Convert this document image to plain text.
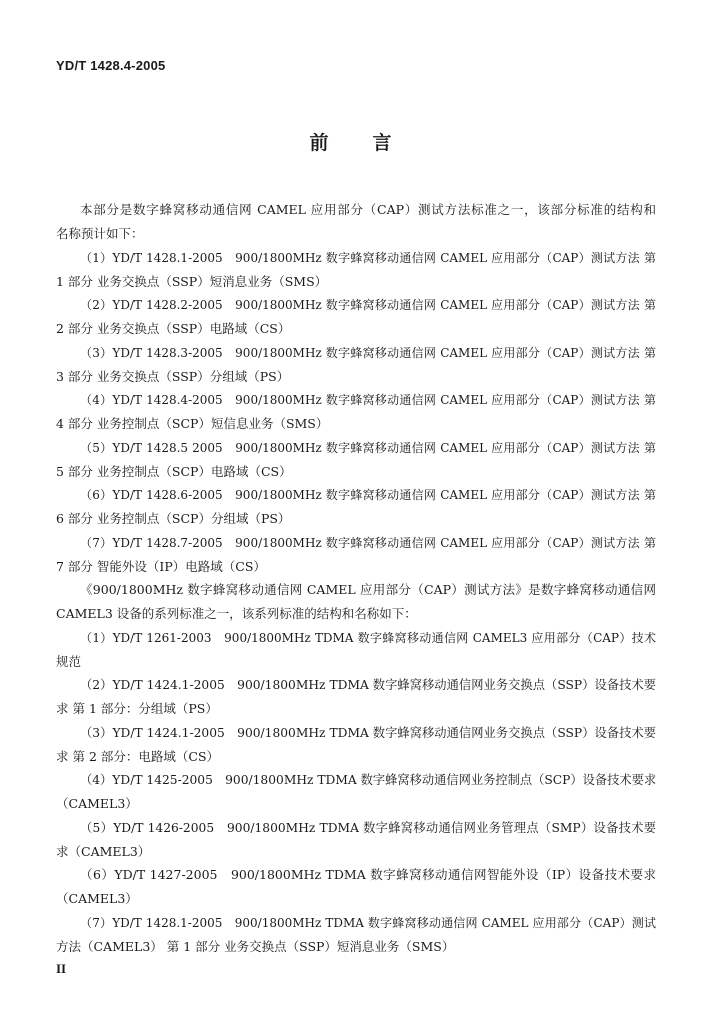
YD/T 1428.4-2005
前 言
本部分是数字蜂窝移动通信网 CAMEL 应用部分（CAP）测试方法标准之一，该部分标准的结构和
名称预计如下：
（1）YD/T 1428.1-2005　900/1800MHz 数字蜂窝移动通信网 CAMEL 应用部分（CAP）测试方法 第
1 部分 业务交换点（SSP）短消息业务（SMS）
（2）YD/T 1428.2-2005　900/1800MHz 数字蜂窝移动通信网 CAMEL 应用部分（CAP）测试方法 第
2 部分 业务交换点（SSP）电路域（CS）
（3）YD/T 1428.3-2005　900/1800MHz 数字蜂窝移动通信网 CAMEL 应用部分（CAP）测试方法 第
3 部分 业务交换点（SSP）分组域（PS）
（4）YD/T 1428.4-2005　900/1800MHz 数字蜂窝移动通信网 CAMEL 应用部分（CAP）测试方法 第
4 部分 业务控制点（SCP）短信息业务（SMS）
（5）YD/T 1428.5 2005　900/1800MHz 数字蜂窝移动通信网 CAMEL 应用部分（CAP）测试方法 第
5 部分 业务控制点（SCP）电路域（CS）
（6）YD/T 1428.6-2005　900/1800MHz 数字蜂窝移动通信网 CAMEL 应用部分（CAP）测试方法 第
6 部分 业务控制点（SCP）分组域（PS）
（7）YD/T 1428.7-2005　900/1800MHz 数字蜂窝移动通信网 CAMEL 应用部分（CAP）测试方法 第
7 部分 智能外设（IP）电路域（CS）
《900/1800MHz 数字蜂窝移动通信网 CAMEL 应用部分（CAP）测试方法》是数字蜂窝移动通信网
CAMEL3 设备的系列标准之一，该系列标准的结构和名称如下：
（1）YD/T 1261-2003　900/1800MHz TDMA 数字蜂窝移动通信网 CAMEL3 应用部分（CAP）技术
规范
（2）YD/T 1424.1-2005　900/1800MHz TDMA 数字蜂窝移动通信网业务交换点（SSP）设备技术要
求 第 1 部分：分组域（PS）
（3）YD/T 1424.1-2005　900/1800MHz TDMA 数字蜂窝移动通信网业务交换点（SSP）设备技术要
求 第 2 部分：电路域（CS）
（4）YD/T 1425-2005　900/1800MHz TDMA 数字蜂窝移动通信网业务控制点（SCP）设备技术要求
（CAMEL3）
（5）YD/T 1426-2005　900/1800MHz TDMA 数字蜂窝移动通信网业务管理点（SMP）设备技术要
求（CAMEL3）
（6）YD/T 1427-2005　900/1800MHz TDMA 数字蜂窝移动通信网智能外设（IP）设备技术要求
（CAMEL3）
（7）YD/T 1428.1-2005　900/1800MHz TDMA 数字蜂窝移动通信网 CAMEL 应用部分（CAP）测试
方法（CAMEL3） 第 1 部分 业务交换点（SSP）短消息业务（SMS）
II
